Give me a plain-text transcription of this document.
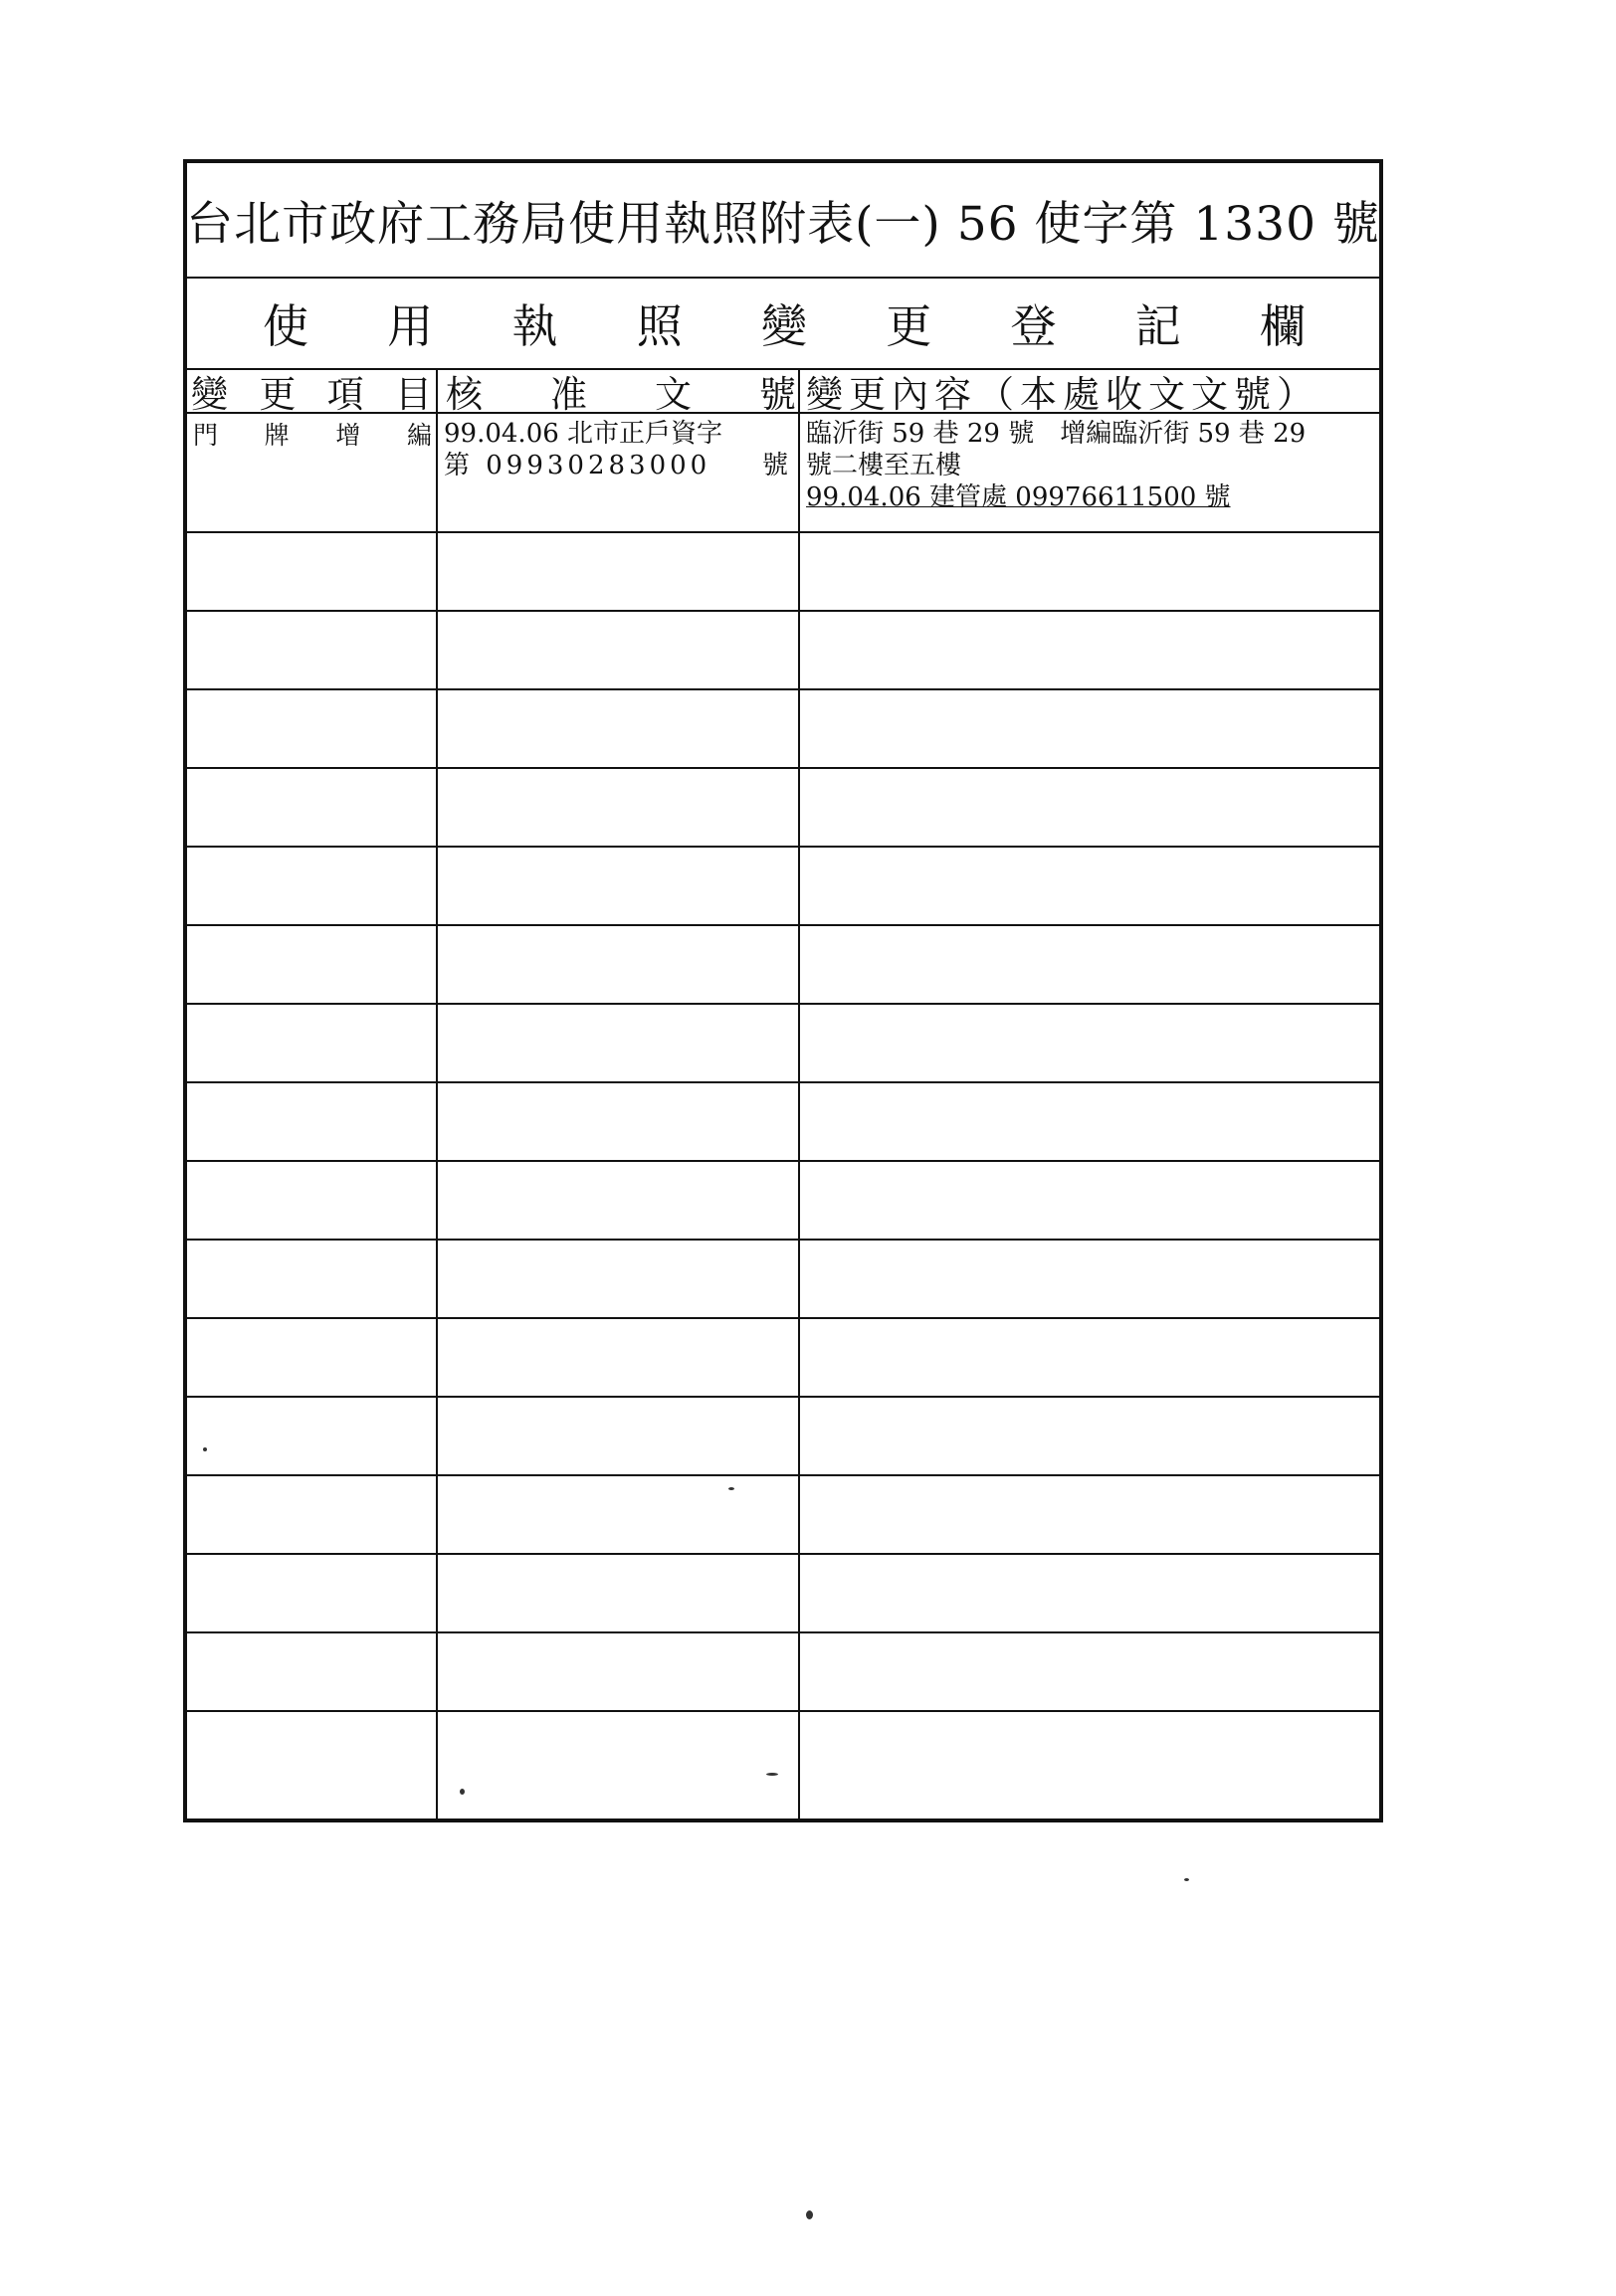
台北市政府工務局使用執照附表(一) 56 使字第 1330 號
使 用 執 照 變 更 登 記 欄
變 更 項 目 核 准 文 號 變更內容（本處收文文號）
門 牌 增 編 99.04.06 北市正戶資字
第 09930283000 號
臨沂街 59 巷 29 號　增編臨沂街 59 巷 29
號二樓至五樓
99.04.06 建管處 09976611500 號
